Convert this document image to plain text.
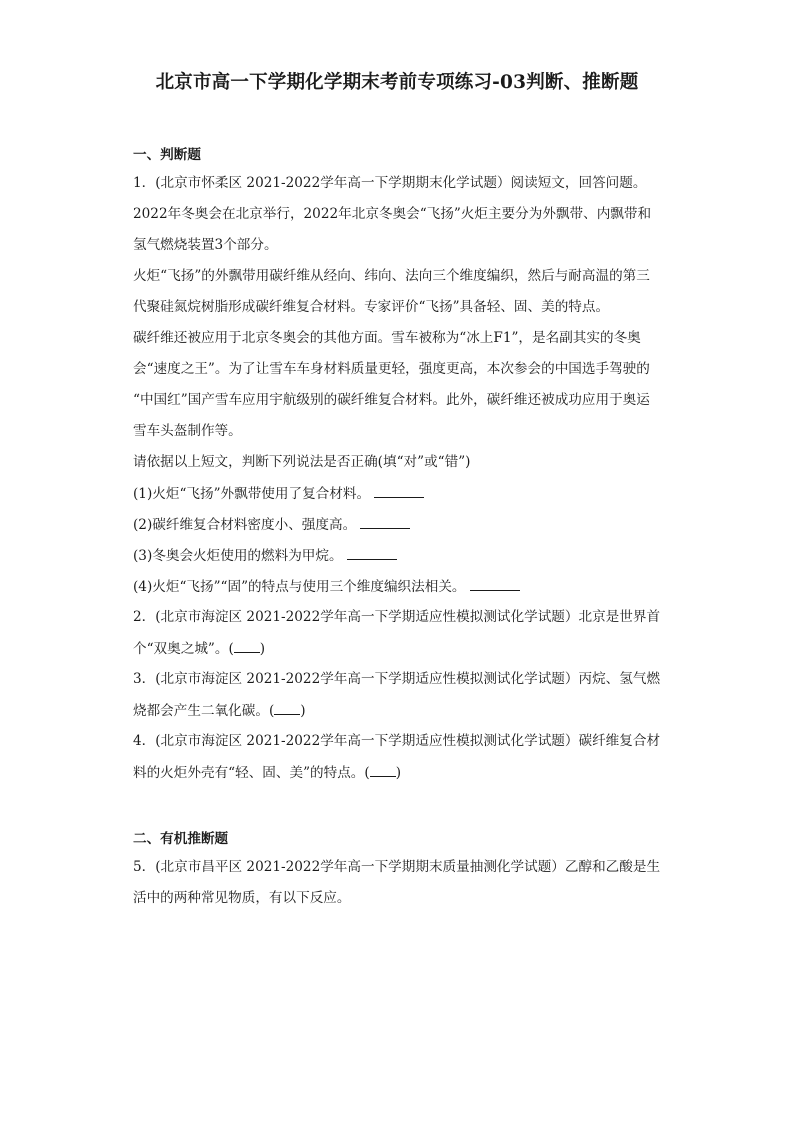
北京市高一下学期化学期末考前专项练习-03判断、推断题
一、判断题
1．(北京市怀柔区 2021-2022学年高一下学期期末化学试题）阅读短文，回答问题。
2022年冬奥会在北京举行，2022年北京冬奥会“飞扬”火炬主要分为外飘带、内飘带和
氢气燃烧装置3个部分。
火炬“飞扬”的外飘带用碳纤维从经向、纬向、法向三个维度编织，然后与耐高温的第三
代聚硅氮烷树脂形成碳纤维复合材料。专家评价“飞扬”具备轻、固、美的特点。
碳纤维还被应用于北京冬奥会的其他方面。雪车被称为“冰上F1”，是名副其实的冬奥
会“速度之王”。为了让雪车车身材料质量更轻，强度更高，本次参会的中国选手驾驶的
“中国红”国产雪车应用宇航级别的碳纤维复合材料。此外，碳纤维还被成功应用于奥运
雪车头盔制作等。
请依据以上短文，判断下列说法是否正确(填“对”或“错”)
(1)火炬“飞扬”外飘带使用了复合材料。
(2)碳纤维复合材料密度小、强度高。
(3)冬奥会火炬使用的燃料为甲烷。
(4)火炬“飞扬”“固”的特点与使用三个维度编织法相关。
2．(北京市海淀区 2021-2022学年高一下学期适应性模拟测试化学试题）北京是世界首
个“双奥之城”。( )
3．(北京市海淀区 2021-2022学年高一下学期适应性模拟测试化学试题）丙烷、氢气燃
烧都会产生二氧化碳。( )
4．(北京市海淀区 2021-2022学年高一下学期适应性模拟测试化学试题）碳纤维复合材
料的火炬外壳有“轻、固、美”的特点。( )
二、有机推断题
5．(北京市昌平区 2021-2022学年高一下学期期末质量抽测化学试题）乙醇和乙酸是生
活中的两种常见物质，有以下反应。
